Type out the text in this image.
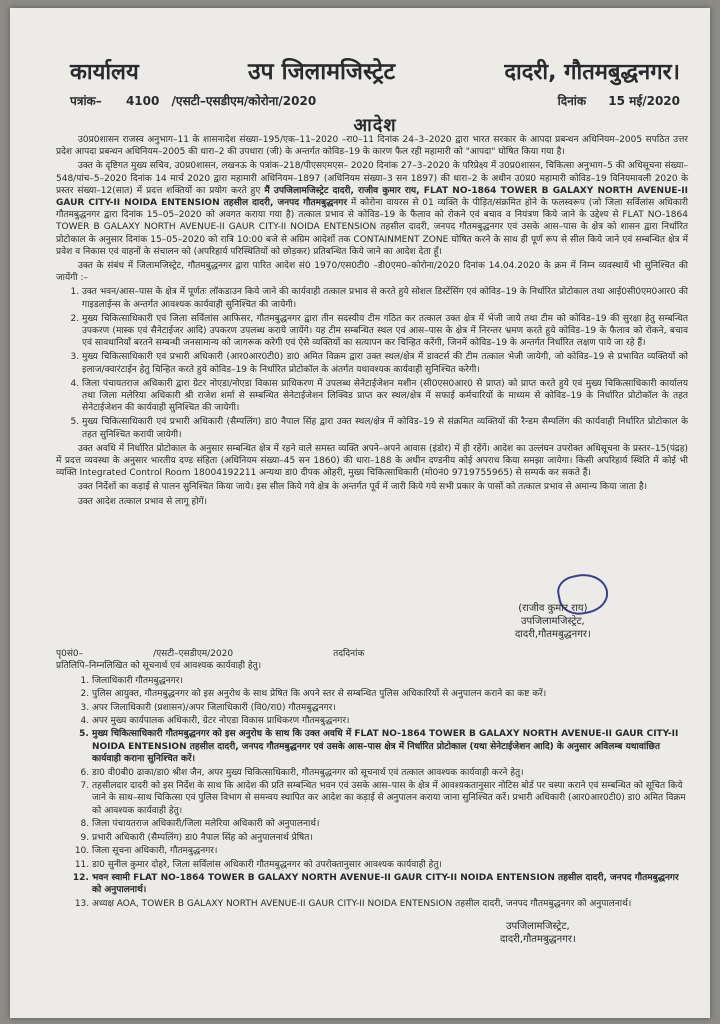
कार्यालय	उप जिलामजिस्ट्रेट	दादरी, गौतमबुद्धनगर।
पत्रांक– 4100 /एसटी–एसडीएम/कोरोना/2020	दिनांक 15 मई/2020
आदेश

उ0प्र0शासन राजस्व अनुभाग–11 के शासनादेश संख्या–195/एक–11–2020 –रा0–11 दिनांक 24–3–2020 द्वारा भारत सरकार के आपदा प्रबन्धन अधिनियम–2005 सपठित उत्तर प्रदेश आपदा प्रबन्धन अधिनियम–2005 की धारा–2 की उपधारा (जी) के अन्तर्गत कोविड–19 के कारण फैल रही महामारी को "आपदा" घोषित किया गया है।

उक्त के दृष्टिगत मुख्य सचिव, उ0प्र0शासन, लखनऊ के पत्रांक–218/पीएसएमएस– 2020 दिनांक 27–3–2020 के परिप्रेक्ष्य में उ0प्र0शासन, चिकित्सा अनुभाग–5 की अधिसूचना संख्या–548/पांच–5–2020 दिनांक 14 मार्च 2020 द्वारा महामारी अधिनियम–1897 (अधिनियम संख्या–3 सन 1897) की धारा–2 के अधीन उ0प्र0 महामारी कोविड–19 विनियमावली 2020 के प्रस्तर संख्या–12(सात) में प्रदत्त शक्तियों का प्रयोग करते हुए मैं उपजिलामजिस्ट्रेट दादरी, राजीव कुमार राय, FLAT NO-1864 TOWER B GALAXY NORTH AVENUE-II GAUR CITY-II NOIDA ENTENSION तहसील दादरी, जनपद गौतमबुद्धनगर में कोरोना वायरस से 01 व्यक्ति के पीड़ित/संक्रमित होने के फलस्वरूप (जो जिला सर्विलांस अधिकारी गौतमबुद्धनगर द्वारा दिनांक 15–05–2020 को अवगत कराया गया है) तत्काल प्रभाव से कोविड–19 के फैलाव को रोकने एवं बचाव व नियंत्रण किये जाने के उद्देश्य से FLAT NO-1864 TOWER B GALAXY NORTH AVENUE-II GAUR CITY-II NOIDA ENTENSION तहसील दादरी, जनपद गौतमबुद्धनगर एवं उसके आस–पास के क्षेत्र को शासन द्वारा निर्धारित प्रोटोकाल के अनुसार दिनांक 15–05–2020 को रात्रि 10:00 बजे से अग्रिम आदेशों तक CONTAINMENT ZONE घोषित करने के साथ ही पूर्ण रूप से सील किये जाने एवं सम्बन्धित क्षेत्र में प्रवेश व निकास एवं वाहनों के संचालन को (अपरिहार्य परिस्थितियों को छोड़कर) प्रतिबन्धित किये जाने का आदेश देता हूँ।

उक्त के संबंध में जिलामजिस्ट्रेट, गौतमबुद्धनगर द्वारा पारित आदेश सं0 1970/एस0टी0 –डी0एम0–कोरोना/2020 दिनांक 14.04.2020 के क्रम में निम्न व्यवस्थायें भी सुनिश्चित की जायेंगी :–

1. उक्त भवन/आस–पास के क्षेत्र में पूर्णतः लॉकडाउन किये जाने की कार्यवाही तत्काल प्रभाव से करते हुये सोशल डिस्टेंसिंग एवं कोविड–19 के निर्धारित प्रोटोकाल तथा आई0सी0एम0आर0 की गाइडलाईन्स के अन्तर्गत आवश्यक कार्यवाही सुनिश्चित की जायेगी।
2. मुख्य चिकित्साधिकारी एवं जिला सर्विलांस आफिसर, गौतमबुद्धनगर द्वारा तीन सदस्यीय टीम गठित कर तत्काल उक्त क्षेत्र में भेजी जाये तथा टीम को कोविड–19 की सुरक्षा हेतु सम्बन्धित उपकरण (मास्क एवं सैनेटाईजर आदि) उपकरण उपलब्ध कराये जायेंगे। यह टीम सम्बन्धित स्थल एवं आस–पास के क्षेत्र में निरन्तर भ्रमण करते हुये कोविड–19 के फैलाव को रोकने, बचाव एवं सावधानियाँ बरतने सम्बन्धी जनसामान्य को जागरूक करेगी एवं ऐसे व्यक्तियों का सत्यापन कर चिन्हित करेंगी, जिनमें कोविड–19 के अन्तर्गत निर्धारित लक्षण पाये जा रहे हैं।
3. मुख्य चिकित्साधिकारी एवं प्रभारी अधिकारी (आर0आर0टी0) डा0 अमित विक्रम द्वारा उक्त स्थल/क्षेत्र में डाक्टर्स की टीम तत्काल भेजी जायेगी, जो कोविड–19 से प्रभावित व्यक्तियों को इलाज/क्वारंटाईन हेतु चिन्हित करते हुये कोविड–19 के निर्धारित प्रोटोकॉल के अंतर्गत यथावश्यक कार्यवाही सुनिश्चित करेगी।
4. जिला पंचायतराज अधिकारी द्वारा ग्रेटर नोएडा/नोएडा विकास प्राधिकरण में उपलब्ध सेनेटाईजेशन मशीन (सी0एस0आर0 से प्राप्त) को प्राप्त करते हुये एवं मुख्य चिकित्साधिकारी कार्यालय तथा जिला मलेरिया अधिकारी श्री राजेश शर्मा से सम्बन्धित सेनेटाईजेशन लिक्विड प्राप्त कर स्थल/क्षेत्र में सफाई कर्मचारियों के माध्यम से कोविड–19 के निर्धारित प्रोटोकॉल के तहत सेनेटाईजेशन की कार्यवाही सुनिश्चित की जायेगी।
5. मुख्य चिकित्साधिकारी एवं प्रभारी अधिकारी (सैम्पलिंग) डा0 नैपाल सिंह द्वारा उक्त स्थल/क्षेत्र में कोविड–19 से संक्रमित व्यक्तियों की रैन्डम सैम्पलिंग की कार्यवाही निर्धारित प्रोटोकाल के तहत सुनिश्चित करायी जायेगी।

उक्त अवधि में निर्धारित प्रोटोकाल के अनुसार सम्बन्धित क्षेत्र में रहने वाले समस्त व्यक्ति अपने–अपने आवास (इंडोर) में ही रहेंगें। आदेश का उल्लंघन उपरोक्त अधिसूचना के प्रस्तर–15(पंद्रह) में प्रदत्त व्यवस्था के अनुसार भारतीय दण्ड संहिता (अधिनियम संख्या–45 सन 1860) की धारा–188 के अधीन दण्डनीय कोई अपराध किया समझा जायेगा। किसी अपरिहार्य स्थिति में कोई भी व्यक्ति Integrated Control Room 18004192211 अन्यथा डा0 दीपक ओहरी, मुख्य चिकित्साधिकारी (मो0नं0 9719755965) से सम्पर्क कर सकते हैं।

उक्त निर्देशों का कड़ाई से पालन सुनिश्चित किया जाये। इस सील किये गये क्षेत्र के अन्तर्गत पूर्व में जारी किये गये सभी प्रकार के पासों को तत्काल प्रभाव से अमान्य किया जाता है।

उक्त आदेश तत्काल प्रभाव से लागू होगें।

(राजीव कुमार राय)
उपजिलामजिस्ट्रेट,
दादरी,गौतमबुद्धनगर।
पृ0सं0–	/एसटी–एसडीएम/2020	तददिनांक
प्रतिलिपि–निम्नलिखित को सूचनार्थ एवं आवश्यक कार्यवाही हेतु।
1. जिलाधिकारी गौतमबुद्धनगर।
2. पुलिस आयुक्त, गौतमबुद्धनगर को इस अनुरोध के साथ प्रेषित कि अपने स्तर से सम्बन्धित पुलिस अधिकारियों से अनुपालन कराने का कष्ट करें।
3. अपर जिलाधिकारी (प्रशासन)/अपर जिलाधिकारी (वि0/रा0) गौतमबुद्धनगर।
4. अपर मुख्य कार्यपालक अधिकारी, ग्रेटर नोएडा विकास प्राधिकरण गौतमबुद्धनगर।
5. मुख्य चिकित्साधिकारी गौतमबुद्धनगर को इस अनुरोध के साथ कि उक्त अवधि में FLAT NO-1864 TOWER B GALAXY NORTH AVENUE-II GAUR CITY-II NOIDA ENTENSION तहसील दादरी, जनपद गौतमबुद्धनगर एवं उसके आस–पास क्षेत्र में निर्धारित प्रोटोकाल (यथा सेनेटाईजेशन आदि) के अनुसार अविलम्ब यथावांछित कार्यवाही कराना सुनिश्चित करें।
6. डा0 वी0बी0 ढाका/डा0 श्रीश जैन, अपर मुख्य चिकित्साधिकारी, गौतमबुद्धनगर को सूचनार्थ एवं तत्काल आवश्यक कार्यवाही करने हेतु।
7. तहसीलदार दादरी को इस निर्देश के साथ कि आदेश की प्रति सम्बन्धित भवन एवं उसके आस–पास के क्षेत्र में आवश्यकतानुसार नोटिस बोर्ड पर चस्पा कराने एवं सम्बन्धित को सूचित किये जाने के साथ–साथ चिकित्सा एवं पुलिस विभाग से समन्वय स्थापित कर आदेश का कड़ाई से अनुपालन कराया जाना सुनिश्चित करें। प्रभारी अधिकारी (आर0आर0टी0) डा0 अमित विक्रम को आवश्यक कार्यवाही हेतु।
8. जिला पंचायतराज अधिकारी/जिला मलेरिया अधिकारी को अनुपालनार्थ।
9. प्रभारी अधिकारी (सैम्पलिंग) डा0 नैपाल सिंह को अनुपालनार्थ प्रेषित।
10. जिला सूचना अधिकारी, गौतमबुद्धनगर।
11. डा0 सुनील कुमार दोहरे, जिला सर्विलांस अधिकारी गौतमबुद्धनगर को उपरोक्तानुसार आवश्यक कार्यवाही हेतु।
12. भवन स्वामी FLAT NO-1864 TOWER B GALAXY NORTH AVENUE-II GAUR CITY-II NOIDA ENTENSION तहसील दादरी, जनपद गौतमबुद्धनगर को अनुपालनार्थ।
13. अध्यक्ष AOA, TOWER B GALAXY NORTH AVENUE-II GAUR CITY-II NOIDA ENTENSION तहसील दादरी, जनपद गौतमबुद्धनगर को अनुपालनार्थ।
उपजिलामजिस्ट्रेट,
दादरी,गौतमबुद्धनगर।
